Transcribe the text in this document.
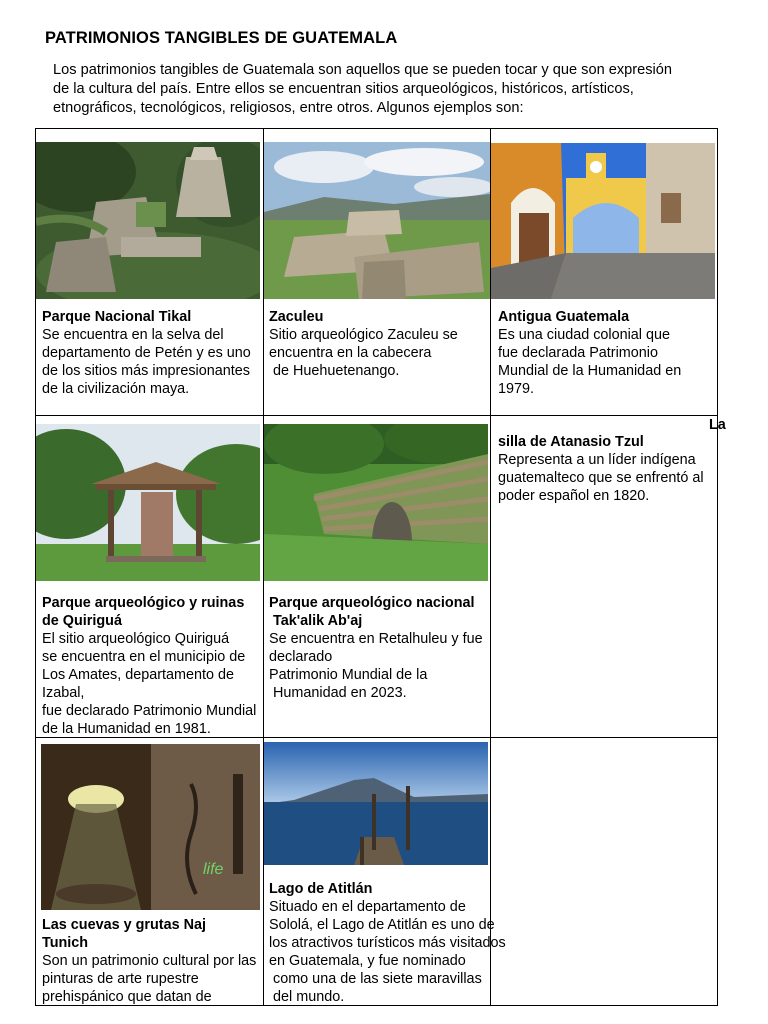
PATRIMONIOS TANGIBLES DE GUATEMALA

Los patrimonios tangibles de Guatemala son aquellos que se pueden tocar y que son expresión
de la cultura del país. Entre ellos se encuentran sitios arqueológicos, históricos, artísticos,
etnográficos, tecnológicos, religiosos, entre otros. Algunos ejemplos son:

life
Parque Nacional Tikal
Se encuentra en la selva del
departamento de Petén y es uno
de los sitios más impresionantes
de la civilización maya.
Zaculeu
Sitio arqueológico Zaculeu se
encuentra en la cabecera
de Huehuetenango.
Antigua Guatemala
Es una ciudad colonial que
fue declarada Patrimonio
Mundial de la Humanidad en
1979.
Parque arqueológico y ruinas
de Quiriguá
El sitio arqueológico Quiriguá
se encuentra en el municipio de
Los Amates, departamento de
Izabal,
fue declarado Patrimonio Mundial
de la Humanidad en 1981.
Parque arqueológico nacional
Tak'alik Ab'aj
Se encuentra en Retalhuleu y fue
declarado
Patrimonio Mundial de la
Humanidad en 2023.
La
silla de Atanasio Tzul
Representa a un líder indígena
guatemalteco que se enfrentó al
poder español en 1820.
Las cuevas y grutas Naj
Tunich
Son un patrimonio cultural por las
pinturas de arte rupestre
prehispánico que datan de
Lago de Atitlán
Situado en el departamento de
Sololá, el Lago de Atitlán es uno de
los atractivos turísticos más visitados
en Guatemala, y fue nominado
como una de las siete maravillas
del mundo.
